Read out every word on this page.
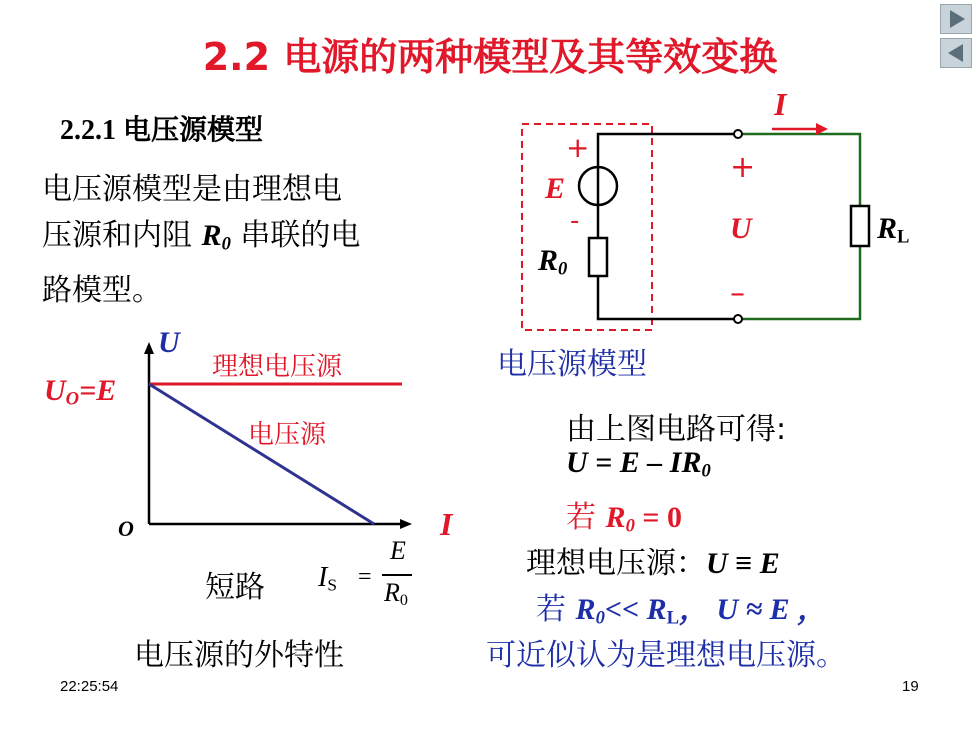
2.2 电源的两种模型及其等效变换
2.2.1 电压源模型
电压源模型是由理想电
压源和内阻 $R_0$ 串联的电
路模型。
I
+
E
-
$R_0$
+
U
–
$R_L$
电压源模型
U
理想电压源
$U_O=E$
电压源
O	I
短路 $I_S$ =
E
$R_0$
电压源的外特性
由上图电路可得:
$U = E - IR_0$
若 $R_0 = 0$
理想电压源：U ≡ E
若 $R_0<< R_L$， U ≈ E ，
可近似认为是理想电压源。
22:25:54	19
